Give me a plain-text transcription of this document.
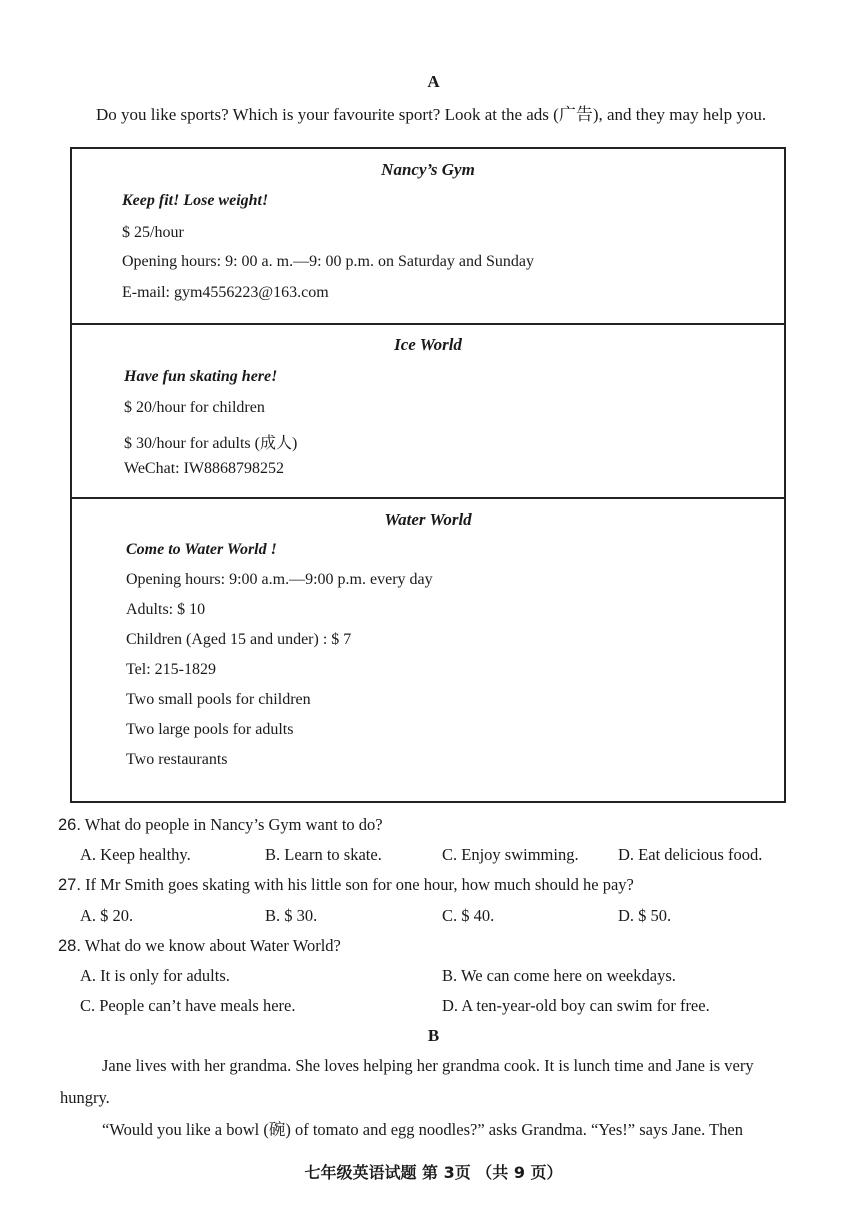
A
Do you like sports? Which is your favourite sport? Look at the ads (广告), and they may help you.
Nancy’s Gym
Keep fit! Lose weight!
$ 25/hour
Opening hours: 9: 00 a. m.—9: 00 p.m. on Saturday and Sunday
E-mail: gym4556223@163.com
Ice World
Have fun skating here!
$ 20/hour for children
$ 30/hour for adults (成人)
WeChat: IW8868798252
Water World
Come to Water World !
Opening hours: 9:00 a.m.—9:00 p.m. every day
Adults: $ 10
Children (Aged 15 and under) : $ 7
Tel: 215-1829
Two small pools for children
Two large pools for adults
Two restaurants
26. What do people in Nancy’s Gym want to do?
A. Keep healthy.	B. Learn to skate.	C. Enjoy swimming. D. Eat delicious food.
27. If Mr Smith goes skating with his little son for one hour, how much should he pay?
A. $ 20.	B. $ 30.	C. $ 40.	D. $ 50.
28. What do we know about Water World?
A. It is only for adults.	B. We can come here on weekdays.
C. People can’t have meals here.	D. A ten-year-old boy can swim for free.
B
Jane lives with her grandma. She loves helping her grandma cook. It is lunch time and Jane is very
hungry.
“Would you like a bowl (碗) of tomato and egg noodles?” asks Grandma. “Yes!” says Jane. Then
七年级英语试题 第 3页 （共 9 页）
